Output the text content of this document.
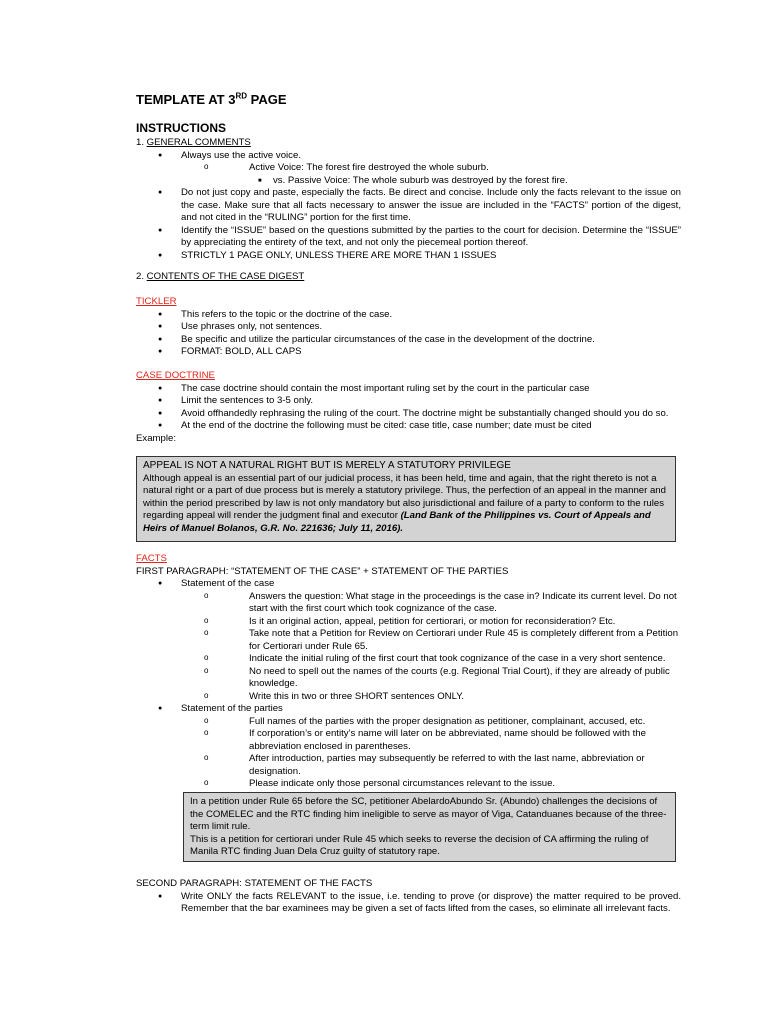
TEMPLATE AT 3RD PAGE
INSTRUCTIONS

1. GENERAL COMMENTS

● Always use the active voice.
o Active Voice: The forest fire destroyed the whole suburb.
■ vs. Passive Voice: The whole suburb was destroyed by the forest fire.
● Do not just copy and paste, especially the facts. Be direct and concise. Include only the facts relevant to the issue on the case. Make sure that all facts necessary to answer the issue are included in the “FACTS” portion of the digest, and not cited in the “RULING” portion for the first time.
● Identify the “ISSUE” based on the questions submitted by the parties to the court for decision. Determine the “ISSUE” by appreciating the entirety of the text, and not only the piecemeal portion thereof.
● STRICTLY 1 PAGE ONLY, UNLESS THERE ARE MORE THAN 1 ISSUES
2. CONTENTS OF THE CASE DIGEST

TICKLER

● This refers to the topic or the doctrine of the case.
● Use phrases only, not sentences.
● Be specific and utilize the particular circumstances of the case in the development of the doctrine.
● FORMAT: BOLD, ALL CAPS

CASE DOCTRINE

● The case doctrine should contain the most important ruling set by the court in the particular case
● Limit the sentences to 3-5 only.
● Avoid offhandedly rephrasing the ruling of the court. The doctrine might be substantially changed should you do so.
● At the end of the doctrine the following must be cited: case title, case number; date must be cited

Example:

APPEAL IS NOT A NATURAL RIGHT BUT IS MERELY A STATUTORY PRIVILEGE
Although appeal is an essential part of our judicial process, it has been held, time and again, that the right thereto is not a natural right or a part of due process but is merely a statutory privilege. Thus, the perfection of an appeal in the manner and within the period prescribed by law is not only mandatory but also jurisdictional and failure of a party to conform to the rules regarding appeal will render the judgment final and executor (Land Bank of the Philippines vs. Court of Appeals and Heirs of Manuel Bolanos, G.R. No. 221636; July 11, 2016).

FACTS

FIRST PARAGRAPH: “STATEMENT OF THE CASE” + STATEMENT OF THE PARTIES

● Statement of the case
o Answers the question: What stage in the proceedings is the case in? Indicate its current level. Do not start with the first court which took cognizance of the case.
o Is it an original action, appeal, petition for certiorari, or motion for reconsideration? Etc.
o Take note that a Petition for Review on Certiorari under Rule 45 is completely different from a Petition for Certiorari under Rule 65.
o Indicate the initial ruling of the first court that took cognizance of the case in a very short sentence.
o No need to spell out the names of the courts (e.g. Regional Trial Court), if they are already of public knowledge.
o Write this in two or three SHORT sentences ONLY.
● Statement of the parties
o Full names of the parties with the proper designation as petitioner, complainant, accused, etc.
o If corporation’s or entity’s name will later on be abbreviated, name should be followed with the abbreviation enclosed in parentheses.
o After introduction, parties may subsequently be referred to with the last name, abbreviation or designation.
o Please indicate only those personal circumstances relevant to the issue.
In a petition under Rule 65 before the SC, petitioner AbelardoAbundo Sr. (Abundo) challenges the decisions of the COMELEC and the RTC finding him ineligible to serve as mayor of Viga, Catanduanes because of the three-term limit rule.
This is a petition for certiorari under Rule 45 which seeks to reverse the decision of CA affirming the ruling of Manila RTC finding Juan Dela Cruz guilty of statutory rape.

SECOND PARAGRAPH: STATEMENT OF THE FACTS

● Write ONLY the facts RELEVANT to the issue, i.e. tending to prove (or disprove) the matter required to be proved. Remember that the bar examinees may be given a set of facts lifted from the cases, so eliminate all irrelevant facts.
